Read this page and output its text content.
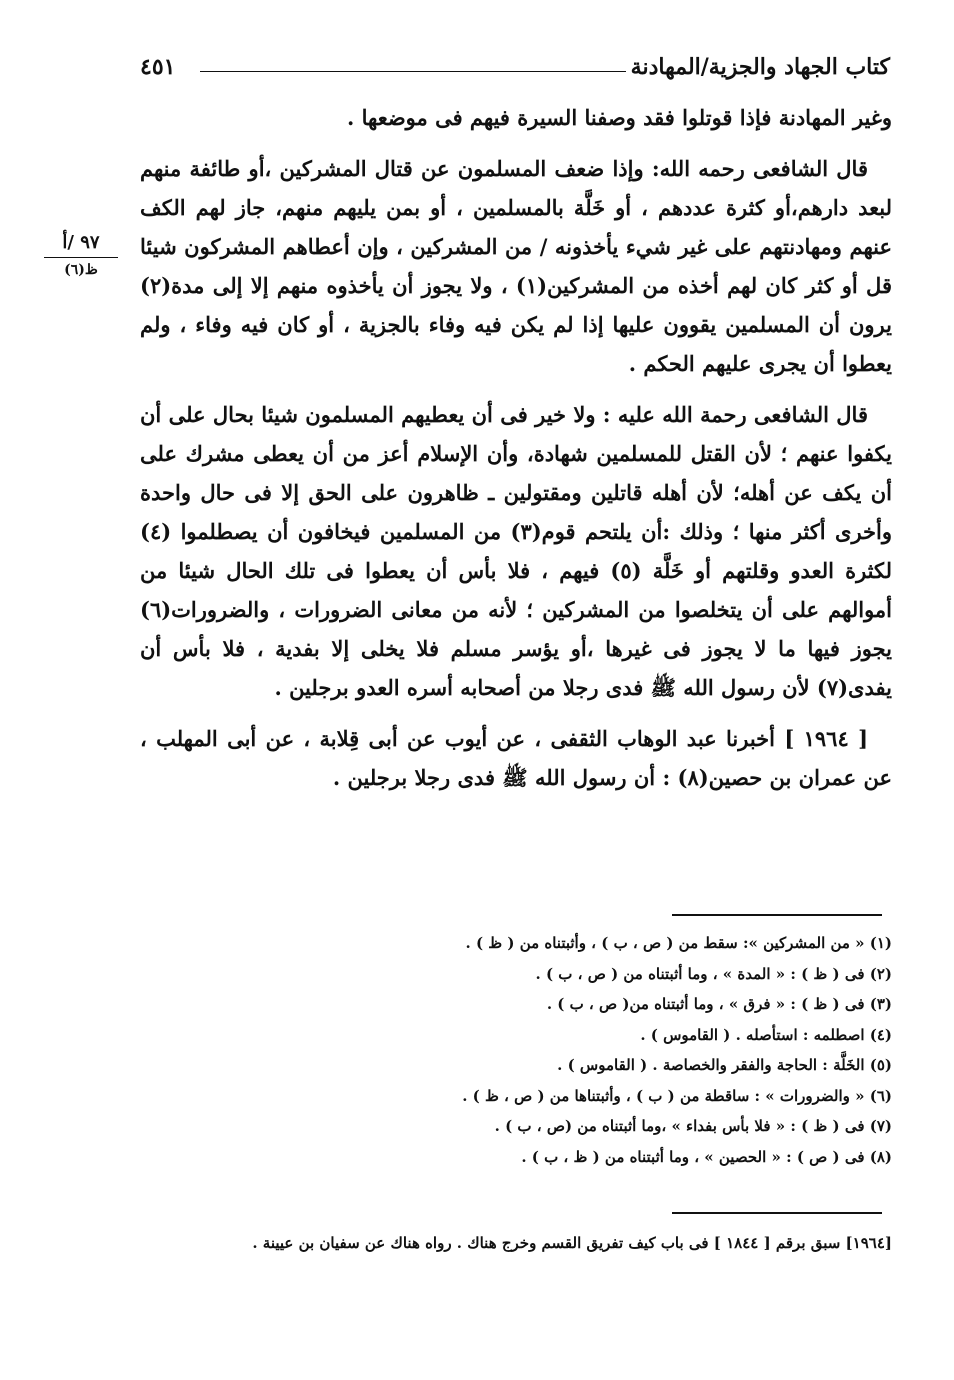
كتاب الجهاد والجزية/المهادنة
٤٥١
٩٧ /أ
ظ(٦)

وغير المهادنة فإذا قوتلوا فقد وصفنا السيرة فيهم فى موضعها .

قال الشافعى رحمه الله: وإذا ضعف المسلمون عن قتال المشركين ،أو طائفة منهم لبعد دارهم،أو كثرة عددهم ، أو خَلَّة بالمسلمين ، أو بمن يليهم منهم، جاز لهم الكف عنهم ومهادنتهم على غير شيء يأخذونه / من المشركين ، وإن أعطاهم المشركون شيئا قل أو كثر كان لهم أخذه من المشركين(١) ، ولا يجوز أن يأخذوه منهم إلا إلى مدة(٢) يرون أن المسلمين يقوون عليها إذا لم يكن فيه وفاء بالجزية ، أو كان فيه وفاء ، ولم يعطوا أن يجرى عليهم الحكم .

قال الشافعى رحمة الله عليه : ولا خير فى أن يعطيهم المسلمون شيئا بحال على أن يكفوا عنهم ؛ لأن القتل للمسلمين شهادة، وأن الإسلام أعز من أن يعطى مشرك على أن يكف عن أهله؛ لأن أهله قاتلين ومقتولين ـ ظاهرون على الحق إلا فى حال واحدة وأخرى أكثر منها ؛ وذلك :أن يلتحم قوم(٣) من المسلمين فيخافون أن يصطلموا (٤) لكثرة العدو وقلتهم أو خَلَّة (٥) فيهم ، فلا بأس أن يعطوا فى تلك الحال شيئا من أموالهم على أن يتخلصوا من المشركين ؛ لأنه من معانى الضرورات ، والضرورات(٦) يجوز فيها ما لا يجوز فى غيرها ،أو يؤسر مسلم فلا يخلى إلا بفدية ، فلا بأس أن يفدى(٧) لأن رسول الله ﷺ فدى رجلا من أصحابه أسره العدو برجلين .

[ ١٩٦٤ ] أخبرنا عبد الوهاب الثقفى ، عن أيوب عن أبى قِلابة ، عن أبى المهلب ، عن عمران بن حصين(٨) : أن رسول الله ﷺ فدى رجلا برجلين .

(١) « من المشركين »: سقط من ( ص ، ب ) ، وأثبتناه من ( ظ ) .
(٢) فى ( ظ ) : « المدة » ، وما أثبتناه من ( ص ، ب ) .
(٣) فى ( ظ ) : « فرق » ، وما أثبتناه من( ص ، ب ) .
(٤) اصطلمه : استأصله . ( القاموس ) .
(٥) الخَلَّة : الحاجة والفقر والخصاصة . ( القاموس ) .
(٦) « والضرورات » : ساقطة من ( ب ) ، وأثبتناها من ( ص ، ظ ) .
(٧) فى ( ظ ) : « فلا بأس بفداء » ،وما أثبتناه من (ص ، ب ) .
(٨) فى ( ص ) : « الحصين » ، وما أثبتناه من ( ظ ، ب ) .
[١٩٦٤] سبق برقم [ ١٨٤٤ ] فى باب كيف تفريق القسم وخرج هناك . رواه هناك عن سفيان بن عيينة .
